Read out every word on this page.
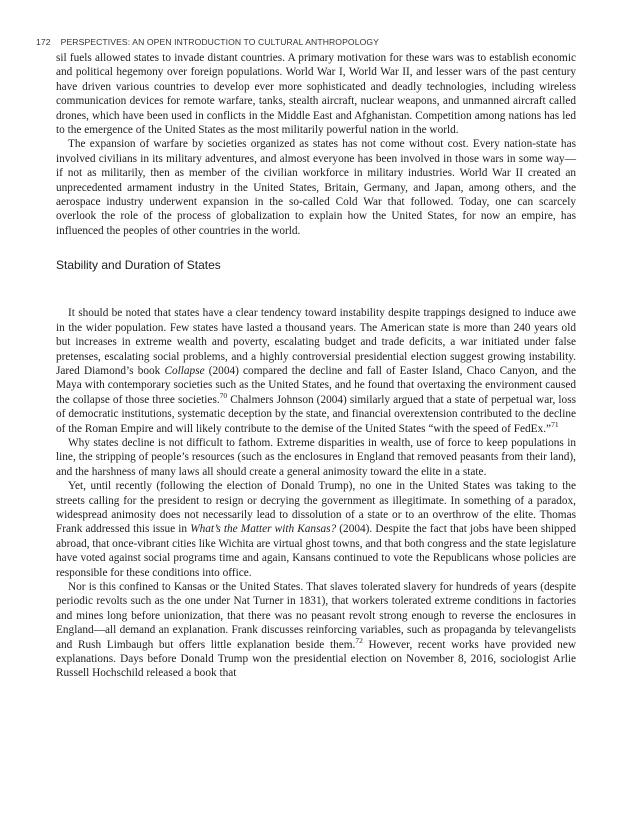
172 PERSPECTIVES: AN OPEN INTRODUCTION TO CULTURAL ANTHROPOLOGY

sil fuels allowed states to invade distant countries. A primary motivation for these wars was to establish economic and political hegemony over foreign populations. World War I, World War II, and lesser wars of the past century have driven various countries to develop ever more sophisticated and deadly technologies, including wireless communication devices for remote warfare, tanks, stealth aircraft, nuclear weapons, and unmanned aircraft called drones, which have been used in conflicts in the Middle East and Afghanistan. Competition among nations has led to the emergence of the United States as the most militarily powerful nation in the world.

The expansion of warfare by societies organized as states has not come without cost. Every nation-state has involved civilians in its military adventures, and almost everyone has been involved in those wars in some way—if not as militarily, then as member of the civilian workforce in military industries. World War II created an unprecedented armament industry in the United States, Britain, Germany, and Japan, among others, and the aerospace industry underwent expansion in the so-called Cold War that followed. Today, one can scarcely overlook the role of the process of globalization to explain how the United States, for now an empire, has influenced the peoples of other countries in the world.

Stability and Duration of States

It should be noted that states have a clear tendency toward instability despite trappings designed to induce awe in the wider population. Few states have lasted a thousand years. The American state is more than 240 years old but increases in extreme wealth and poverty, escalating budget and trade deficits, a war initiated under false pretenses, escalating social problems, and a highly controversial presidential election suggest growing instability. Jared Diamond’s book Collapse (2004) compared the decline and fall of Easter Island, Chaco Canyon, and the Maya with contemporary societies such as the United States, and he found that overtaxing the environment caused the collapse of those three societies.$^{70}$ Chalmers Johnson (2004) similarly argued that a state of perpetual war, loss of democratic institutions, systematic deception by the state, and financial overextension contributed to the decline of the Roman Empire and will likely contribute to the demise of the United States “with the speed of FedEx.”$^{71}$

Why states decline is not difficult to fathom. Extreme disparities in wealth, use of force to keep populations in line, the stripping of people’s resources (such as the enclosures in England that removed peasants from their land), and the harshness of many laws all should create a general animosity toward the elite in a state.

Yet, until recently (following the election of Donald Trump), no one in the United States was taking to the streets calling for the president to resign or decrying the government as illegitimate. In something of a paradox, widespread animosity does not necessarily lead to dissolution of a state or to an overthrow of the elite. Thomas Frank addressed this issue in What’s the Matter with Kansas? (2004). Despite the fact that jobs have been shipped abroad, that once-vibrant cities like Wichita are virtual ghost towns, and that both congress and the state legislature have voted against social programs time and again, Kansans continued to vote the Republicans whose policies are responsible for these conditions into office.

Nor is this confined to Kansas or the United States. That slaves tolerated slavery for hundreds of years (despite periodic revolts such as the one under Nat Turner in 1831), that workers tolerated extreme conditions in factories and mines long before unionization, that there was no peasant revolt strong enough to reverse the enclosures in England—all demand an explanation. Frank discusses reinforcing variables, such as propaganda by televangelists and Rush Limbaugh but offers little explanation beside them.$^{72}$ However, recent works have provided new explanations. Days before Donald Trump won the presidential election on November 8, 2016, sociologist Arlie Russell Hochschild released a book that
